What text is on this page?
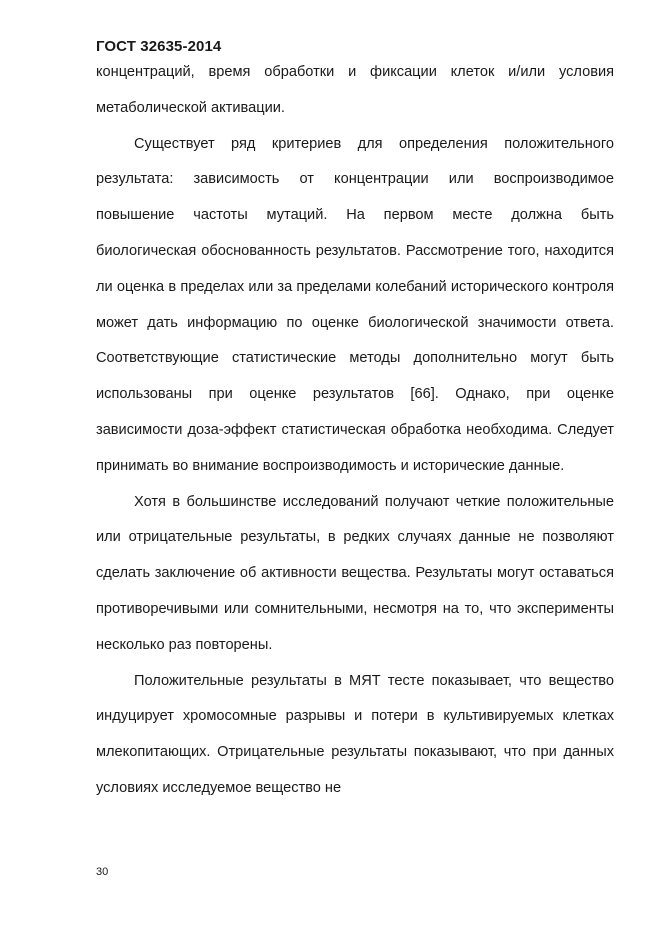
ГОСТ 32635-2014

концентраций, время обработки и фиксации клеток и/или условия метаболической активации.

Существует ряд критериев для определения положительного результата: зависимость от концентрации или воспроизводимое повышение частоты мутаций. На первом месте должна быть биологическая обоснованность результатов. Рассмотрение того, находится ли оценка в пределах или за пределами колебаний исторического контроля может дать информацию по оценке биологической значимости ответа. Соответствующие статистические методы дополнительно могут быть использованы при оценке результатов [66]. Однако, при оценке зависимости доза-эффект статистическая обработка необходима. Следует принимать во внимание воспроизводимость и исторические данные.

Хотя в большинстве исследований получают четкие положительные или отрицательные результаты, в редких случаях данные не позволяют сделать заключение об активности вещества. Результаты могут оставаться противоречивыми или сомнительными, несмотря на то, что эксперименты несколько раз повторены.

Положительные результаты в МЯТ тесте показывает, что вещество индуцирует хромосомные разрывы и потери в культивируемых клетках млекопитающих. Отрицательные результаты показывают, что при данных условиях исследуемое вещество не

30
